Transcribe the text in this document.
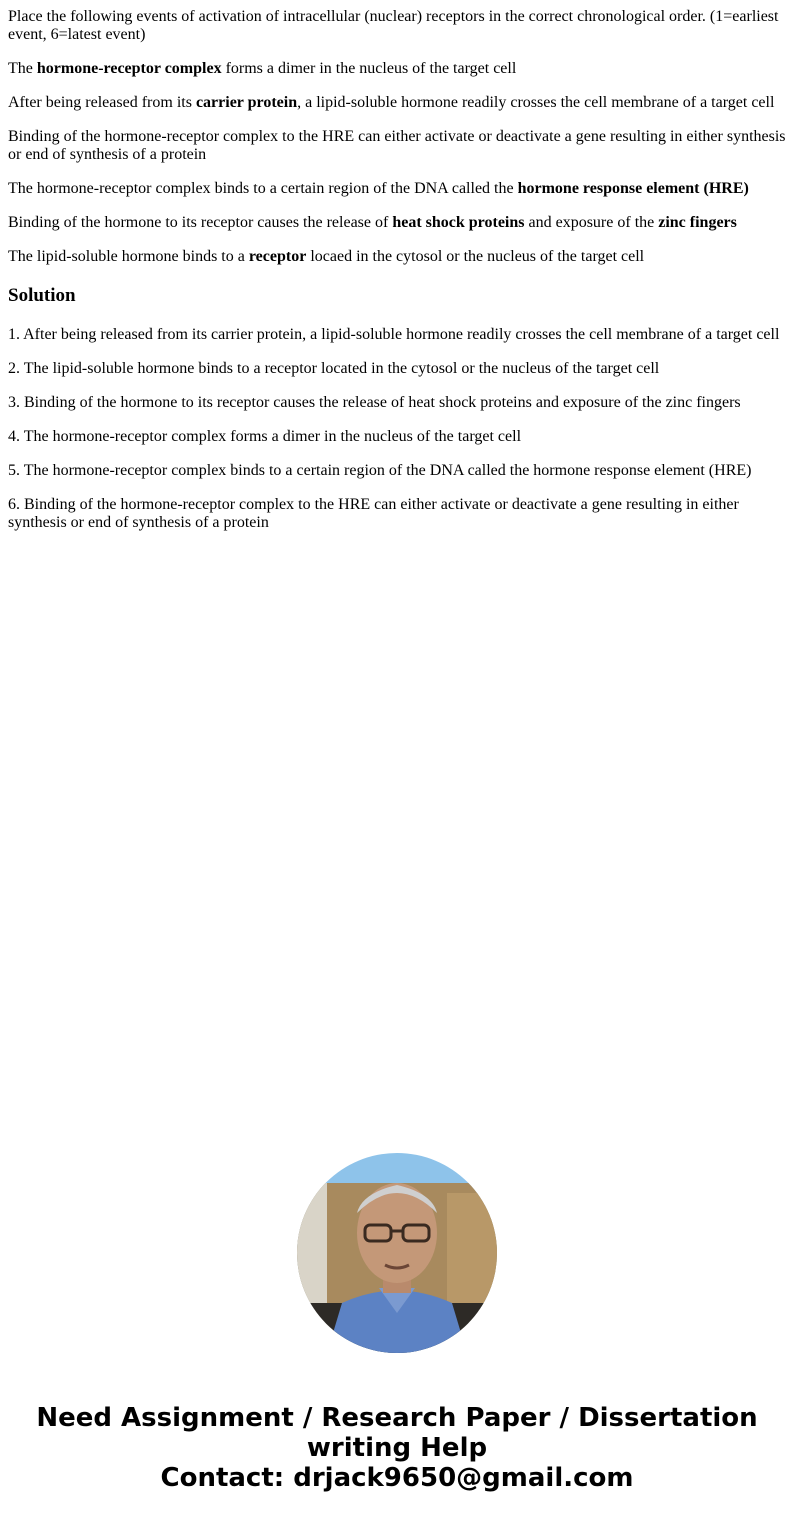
Place the following events of activation of intracellular (nuclear) receptors in the correct chronological order. (1=earliest event, 6=latest event)

The hormone-receptor complex forms a dimer in the nucleus of the target cell

After being released from its carrier protein, a lipid-soluble hormone readily crosses the cell membrane of a target cell

Binding of the hormone-receptor complex to the HRE can either activate or deactivate a gene resulting in either synthesis or end of synthesis of a protein

The hormone-receptor complex binds to a certain region of the DNA called the hormone response element (HRE)

Binding of the hormone to its receptor causes the release of heat shock proteins and exposure of the zinc fingers

The lipid-soluble hormone binds to a receptor locaed in the cytosol or the nucleus of the target cell

Solution

1. After being released from its carrier protein, a lipid-soluble hormone readily crosses the cell membrane of a target cell

2. The lipid-soluble hormone binds to a receptor located in the cytosol or the nucleus of the target cell

3. Binding of the hormone to its receptor causes the release of heat shock proteins and exposure of the zinc fingers

4. The hormone-receptor complex forms a dimer in the nucleus of the target cell

5. The hormone-receptor complex binds to a certain region of the DNA called the hormone response element (HRE)

6. Binding of the hormone-receptor complex to the HRE can either activate or deactivate a gene resulting in either synthesis or end of synthesis of a protein

Need Assignment / Research Paper / Dissertation
writing Help
Contact: drjack9650@gmail.com
